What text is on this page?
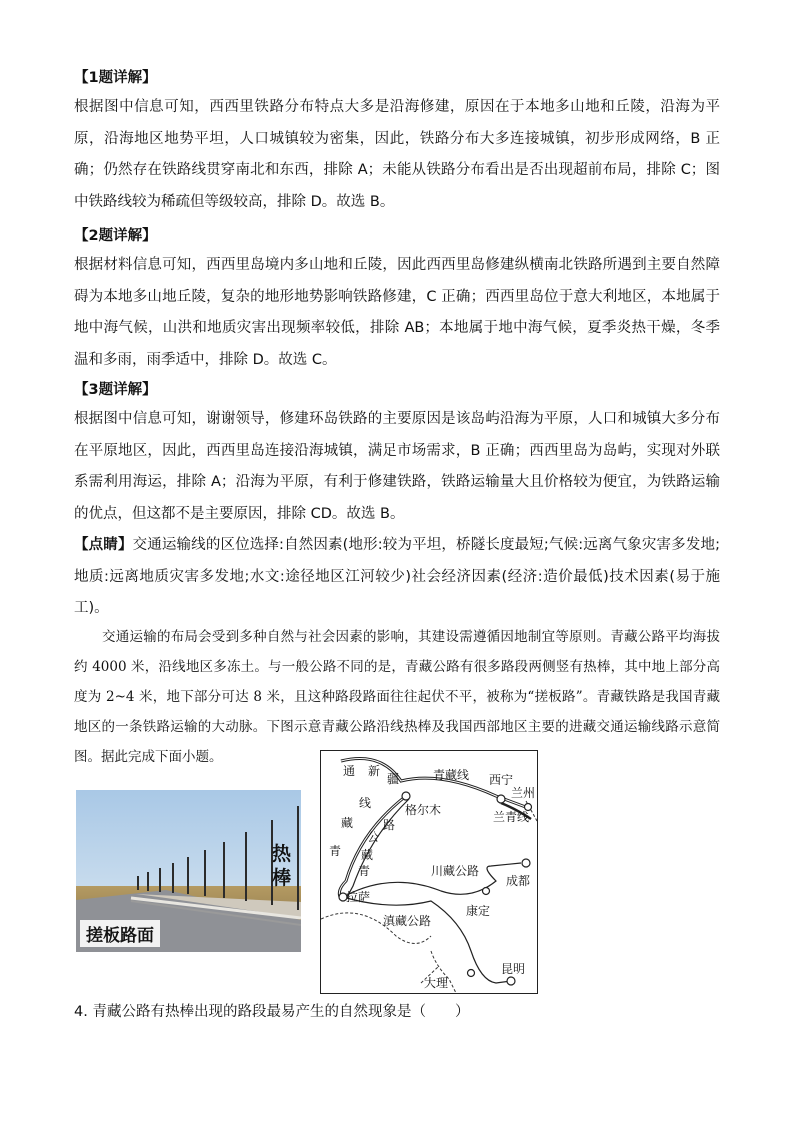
【1题详解】
根据图中信息可知，西西里铁路分布特点大多是沿海修建，原因在于本地多山地和丘陵，沿海为平原，沿海地区地势平坦，人口城镇较为密集，因此，铁路分布大多连接城镇，初步形成网络，B 正确；仍然存在铁路线贯穿南北和东西，排除 A；未能从铁路分布看出是否出现超前布局，排除 C；图中铁路线较为稀疏但等级较高，排除 D。故选 B。
【2题详解】
根据材料信息可知，西西里岛境内多山地和丘陵，因此西西里岛修建纵横南北铁路所遇到主要自然障碍为本地多山地丘陵，复杂的地形地势影响铁路修建，C 正确；西西里岛位于意大利地区，本地属于地中海气候，山洪和地质灾害出现频率较低，排除 AB；本地属于地中海气候，夏季炎热干燥，冬季温和多雨，雨季适中，排除 D。故选 C。
【3题详解】
根据图中信息可知，谢谢领导，修建环岛铁路的主要原因是该岛屿沿海为平原，人口和城镇大多分布在平原地区，因此，西西里岛连接沿海城镇，满足市场需求，B 正确；西西里岛为岛屿，实现对外联系需利用海运，排除 A；沿海为平原，有利于修建铁路，铁路运输量大且价格较为便宜，为铁路运输的优点，但这都不是主要原因，排除 CD。故选 B。
【点睛】交通运输线的区位选择:自然因素(地形:较为平坦，桥隧长度最短;气候:远离气象灾害多发地;地质:远离地质灾害多发地;水文:途径地区江河较少)社会经济因素(经济:造价最低)技术因素(易于施工)。
交通运输的布局会受到多种自然与社会因素的影响，其建设需遵循因地制宜等原则。青藏公路平均海拔约 4000 米，沿线地区多冻土。与一般公路不同的是，青藏公路有很多路段两侧竖有热棒，其中地上部分高度为 2~4 米，地下部分可达 8 米，且这种路段路面往往起伏不平，被称为“搓板路”。青藏铁路是我国青藏地区的一条铁路运输的大动脉。下图示意青藏公路沿线热棒及我国西部地区主要的进藏交通运输线路示意简图。据此完成下面小题。
热棒
搓板路面
通 新
疆	青藏线 西宁
兰州
格尔木	兰青线
线
藏 路
公
藏
青
青	川藏公路
成都
康定
拉萨
滇藏公路
大理
昆明
4. 青藏公路有热棒出现的路段最易产生的自然现象是（　　）
